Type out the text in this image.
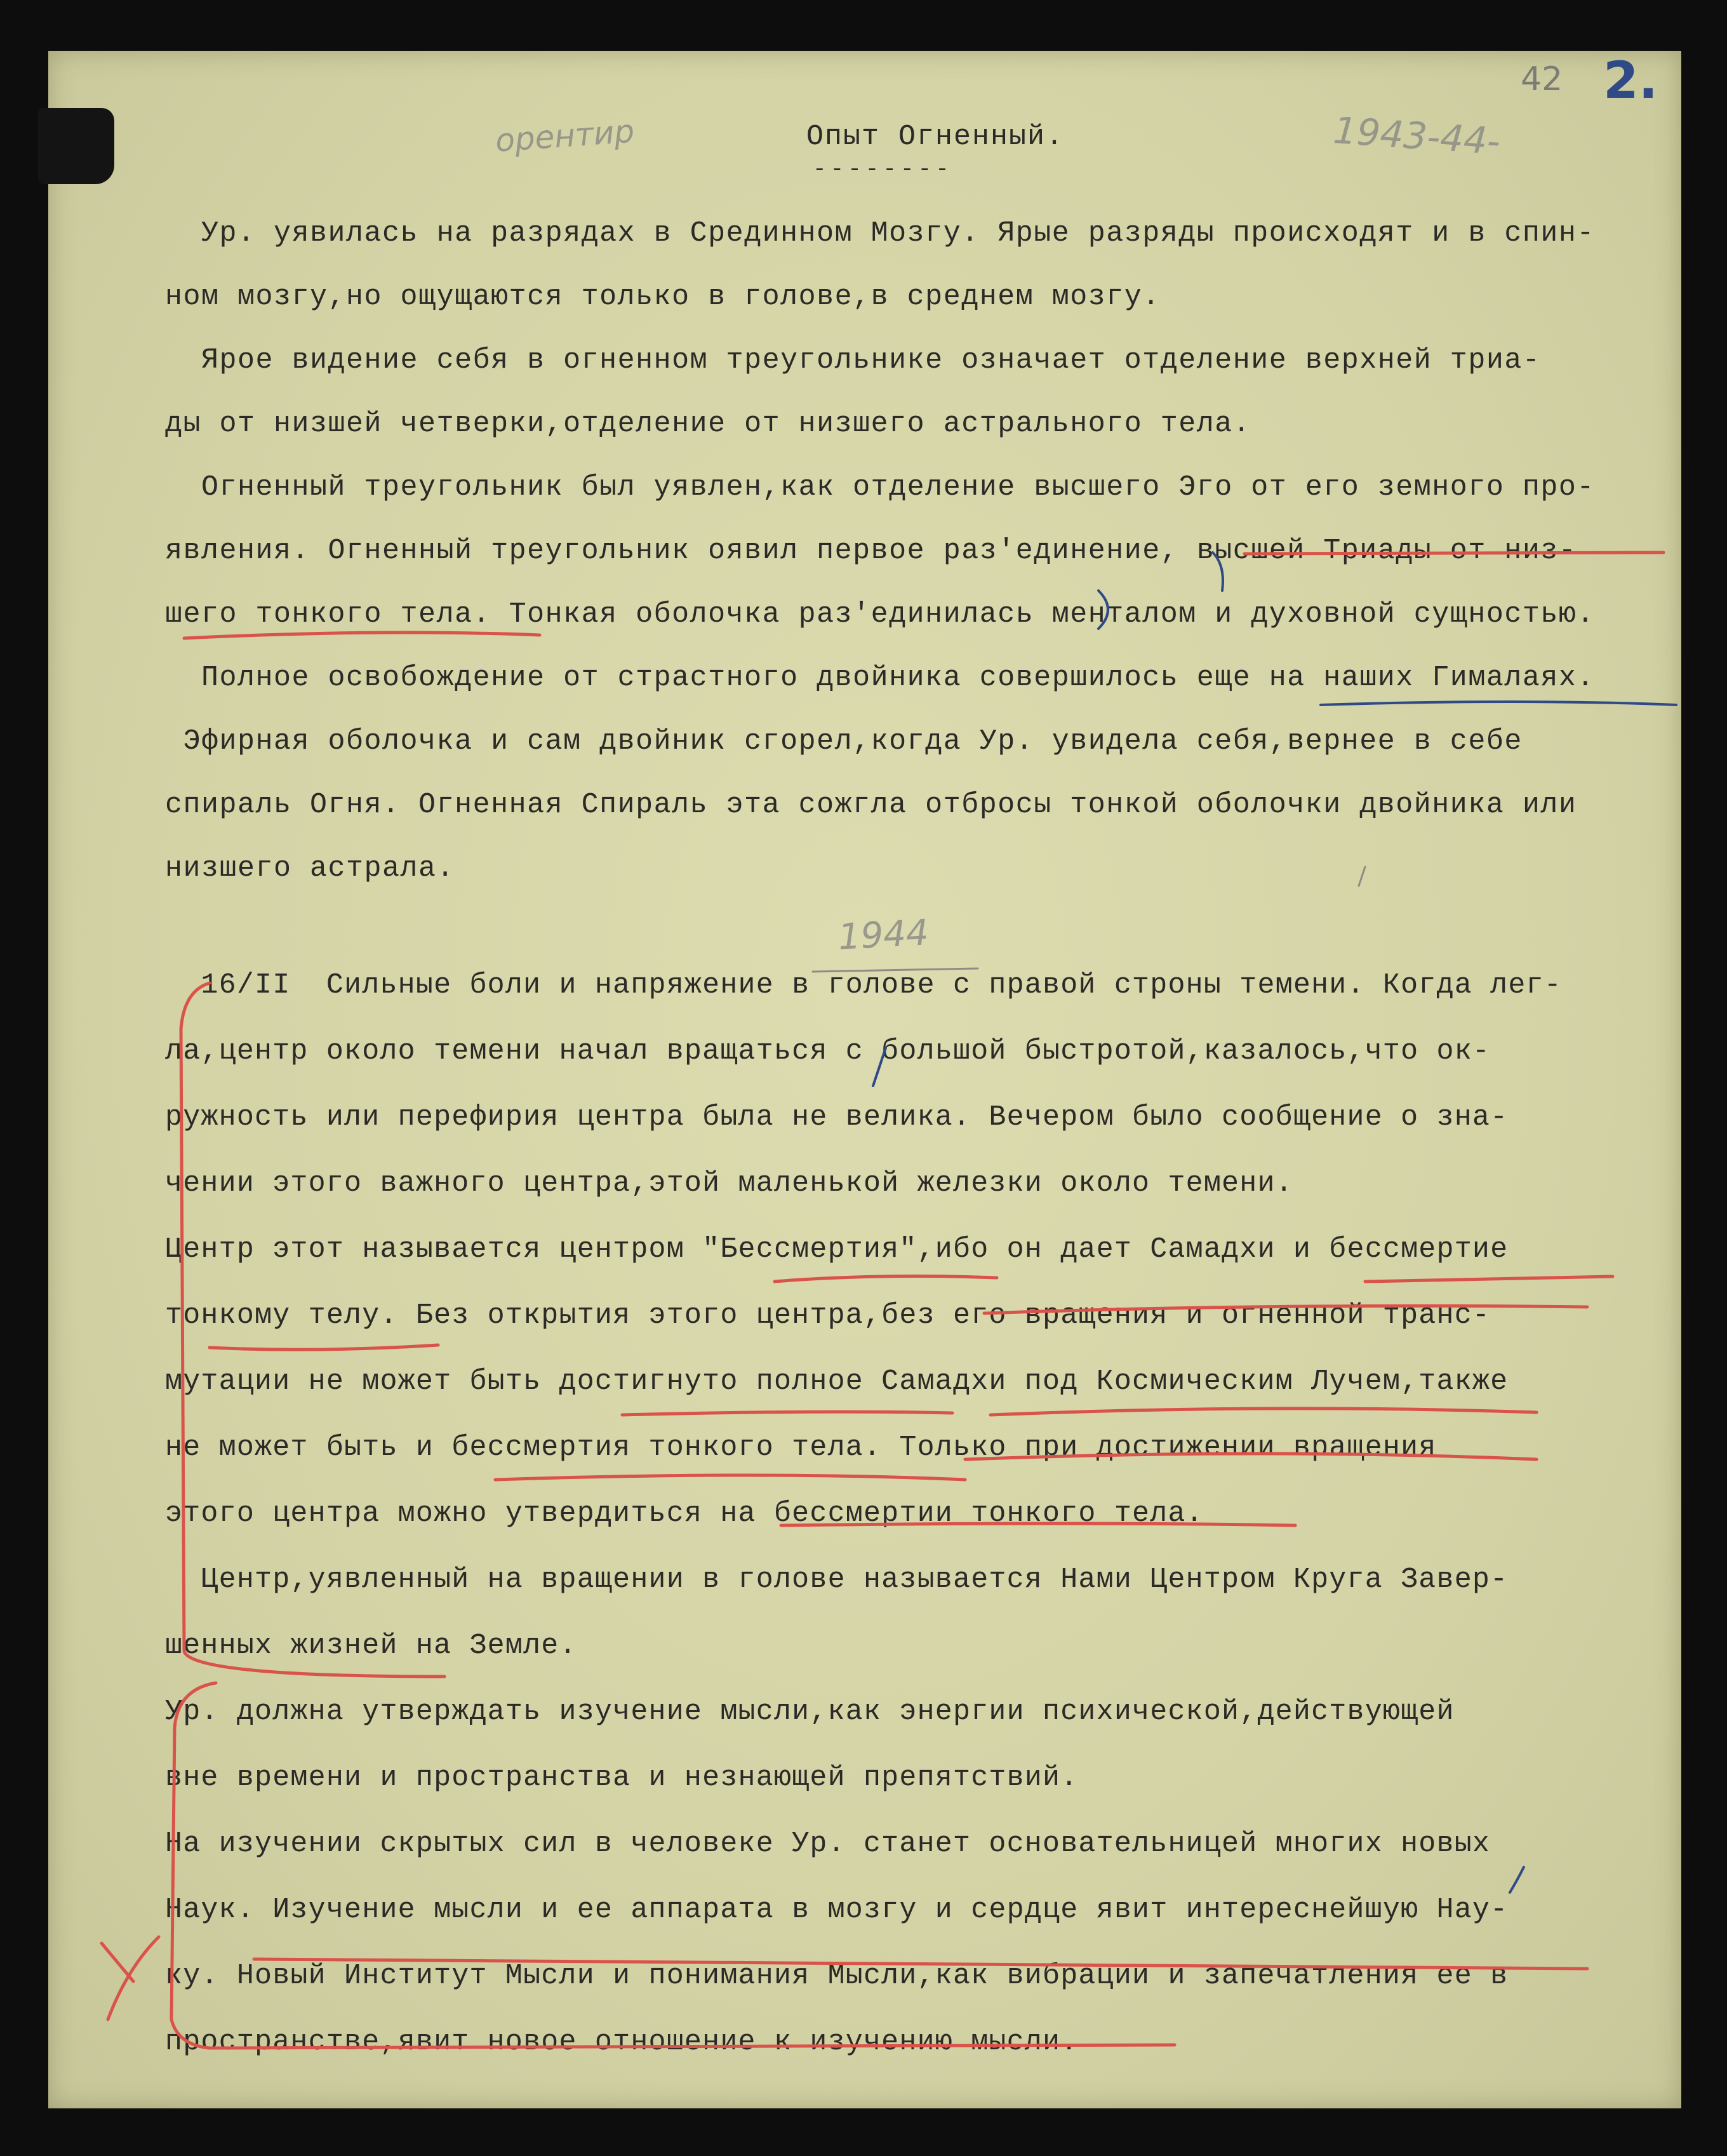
42 2.
орентир	1943-44-
Опыт Огненный.
--------
Ур. уявилась на разрядах в Срединном Мозгу. Ярые разряды происходят и в спин-
ном мозгу,но ощущаются только в голове,в среднем мозгу.
Ярое видение себя в огненном треугольнике означает отделение верхней триа-
ды от низшей четверки,отделение от низшего астрального тела.
Огненный треугольник был уявлен,как отделение высшего Эго от его земного про-
явления. Огненный треугольник оявил первое раз'единение, высшей Триады от низ-
шего тонкого тела. Тонкая оболочка раз'единилась ментaлом и духовной сущностью.
Полное освобождение от страстного двойника совершилось еще на наших Гималаях.
Эфирная оболочка и сам двойник сгорел,когда Ур. увидела себя,вернее в себе
спираль Огня. Огненная Спираль эта сожгла отбросы тонкой оболочки двойника или
низшего астрала.
1944
16/II  Сильные боли и напряжение в голове с правой строны темени. Когда лег-
ла,центр около темени начал вращаться с большой быстротой,казалось,что ок-
ружность или перефирия центра была не велика. Вечером было сообщение о зна-
чении этого важного центра,этой маленькой железки около темени.
Центр этот называется центром "Бессмертия",ибо он дает Самадхи и бессмертие
тонкому телу. Без открытия этого центра,без его вращения и огненной транс-
мутации не может быть достигнуто полное Самадхи под Космическим Лучем,также
не может быть и бессмертия тонкого тела. Только при достижении вращения
этого центра можно утвердиться на бессмертии тонкого тела.
Центр,уявленный на вращении в голове называется Нами Центром Круга Завер-
шенных жизней на Земле.
Ур. должна утверждать изучение мысли,как энергии психической,действующей
вне времени и пространства и незнающей препятствий.
На изучении скрытых сил в человеке Ур. станет основательницей многих новых
Наук. Изучение мысли и ее аппарата в мозгу и сердце явит интереснейшую Нау-
ку. Новый Институт Мысли и понимания Мысли,как вибрации и запечатления ее в
пространстве,явит новое отношение к изучению мысли.
